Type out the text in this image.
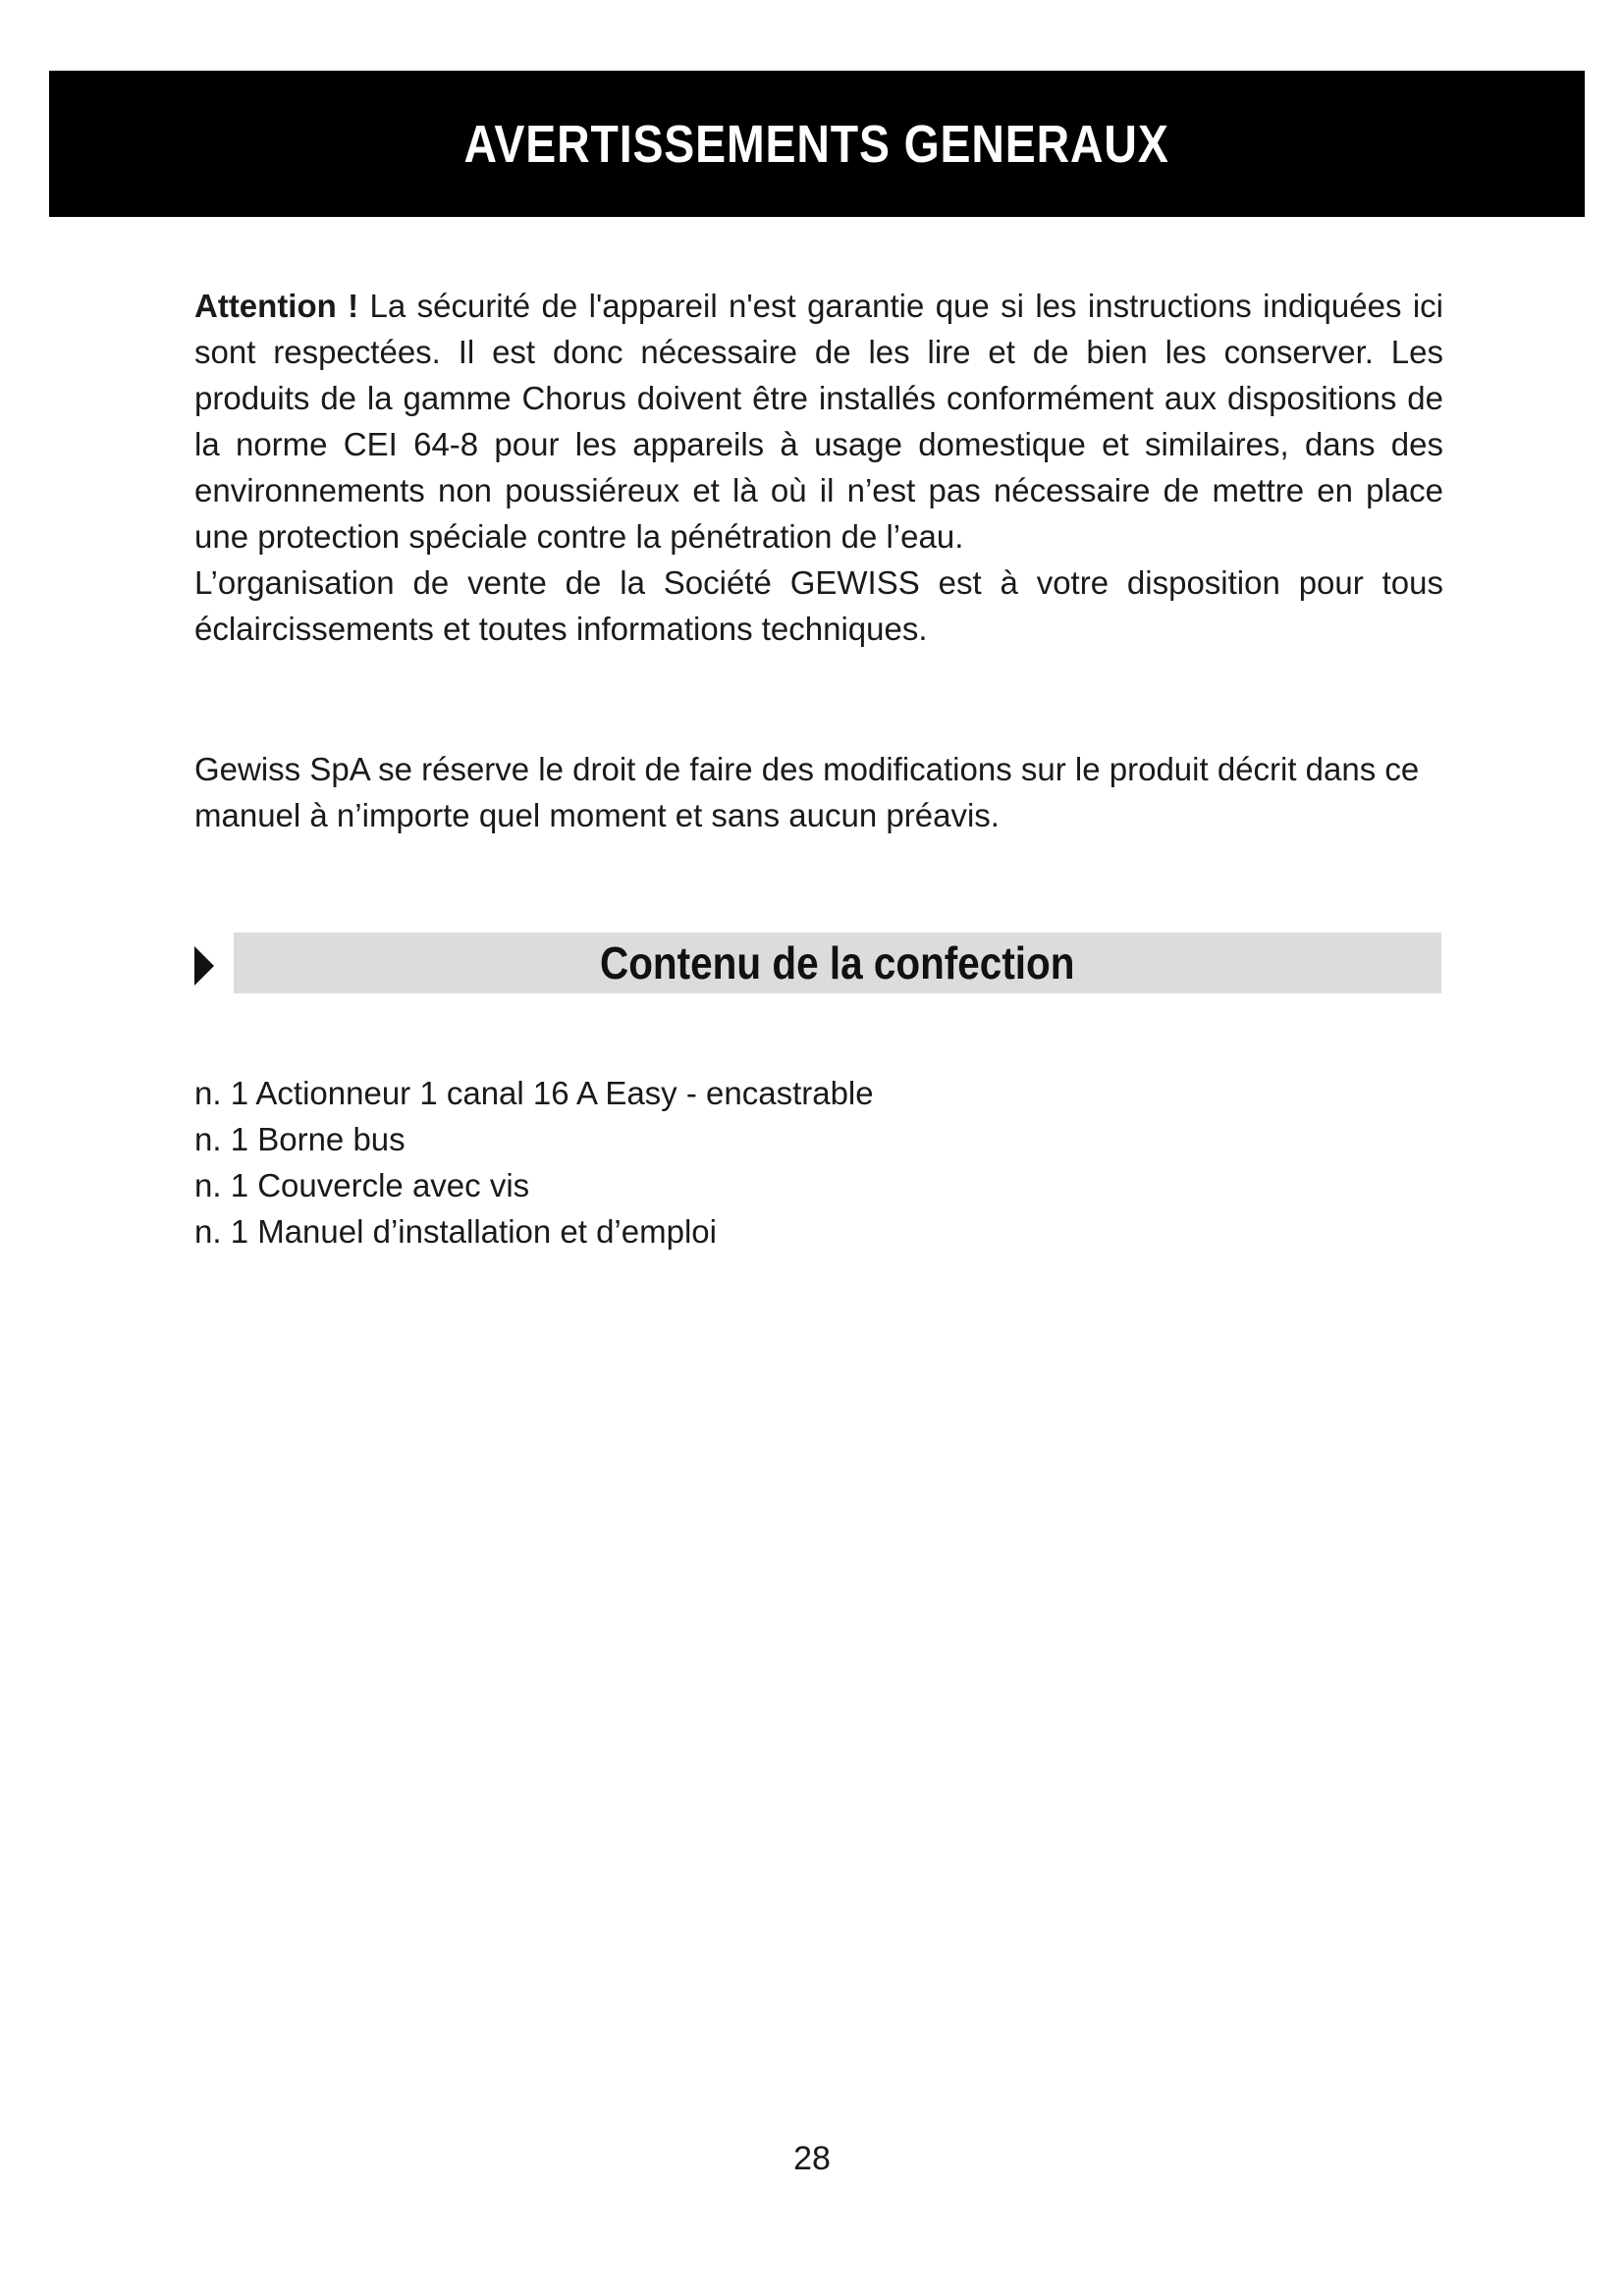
AVERTISSEMENTS GENERAUX

Attention ! La sécurité de l'appareil n'est garantie que si les instructions indiquées ici sont respectées. Il est donc nécessaire de les lire et de bien les conserver. Les produits de la gamme Chorus doivent être installés conformément aux dispositions de la norme CEI 64-8 pour les appareils à usage domestique et similaires, dans des environnements non poussiéreux et là où il n’est pas nécessaire de mettre en place une protection spéciale contre la pénétration de l’eau.

L’organisation de vente de la Société GEWISS est à votre disposition pour tous éclaircissements et toutes informations techniques.

Gewiss SpA se réserve le droit de faire des modifications sur le produit décrit dans ce manuel à n’importe quel moment et sans aucun préavis.

Contenu de la confection
n. 1 Actionneur 1 canal 16 A Easy - encastrable
n. 1 Borne bus
n. 1 Couvercle avec vis
n. 1 Manuel d’installation et d’emploi
28
